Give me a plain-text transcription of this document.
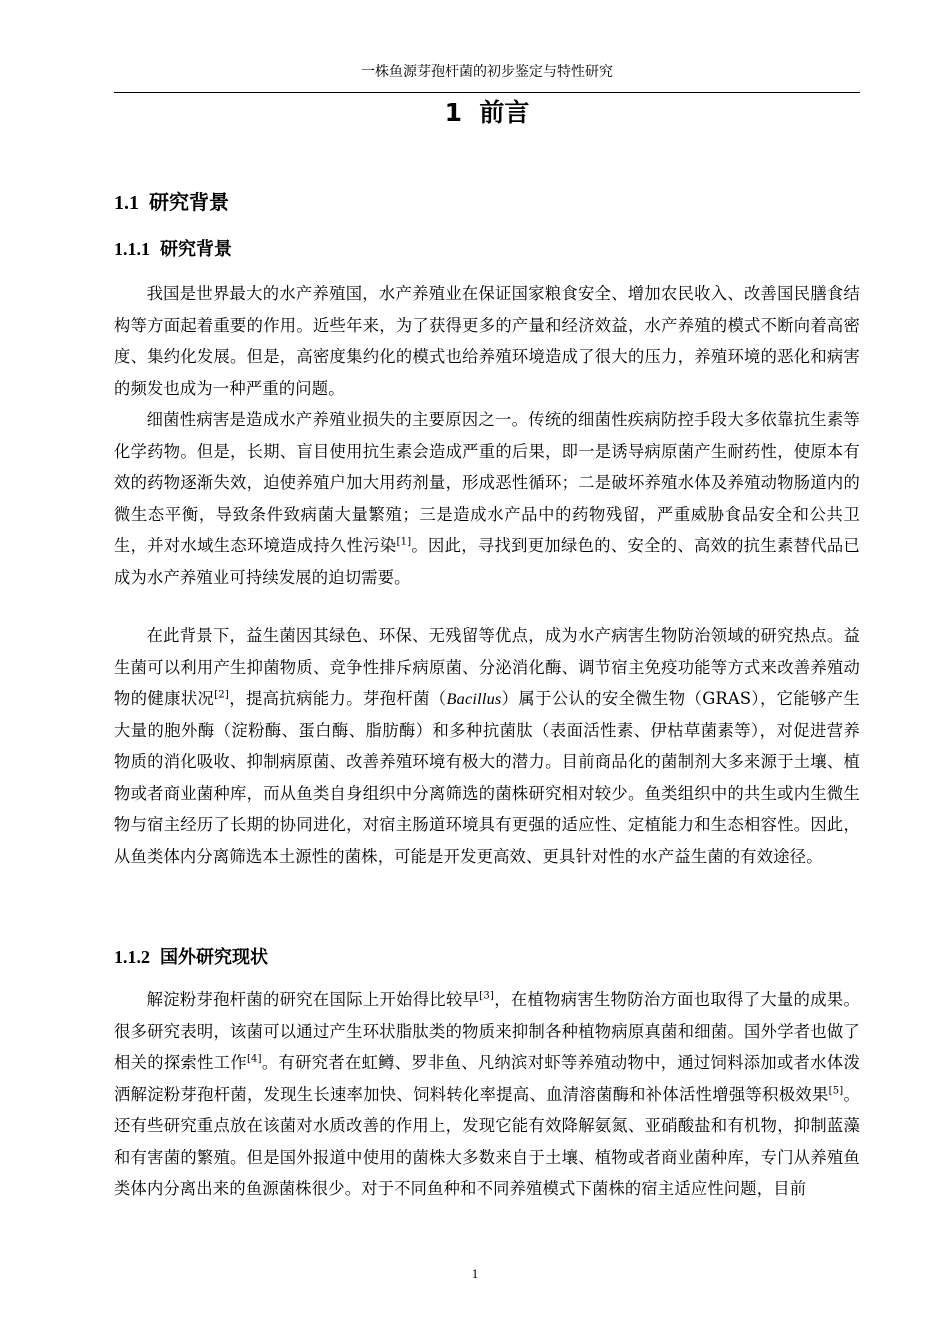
一株鱼源芽孢杆菌的初步鉴定与特性研究
1 前言
1.1 研究背景
1.1.1 研究背景

我国是世界最大的水产养殖国，水产养殖业在保证国家粮食安全、增加农民收入、改善国民膳食结构等方面起着重要的作用。近些年来，为了获得更多的产量和经济效益，水产养殖的模式不断向着高密度、集约化发展。但是，高密度集约化的模式也给养殖环境造成了很大的压力，养殖环境的恶化和病害的频发也成为一种严重的问题。

细菌性病害是造成水产养殖业损失的主要原因之一。传统的细菌性疾病防控手段大多依靠抗生素等化学药物。但是，长期、盲目使用抗生素会造成严重的后果，即一是诱导病原菌产生耐药性，使原本有效的药物逐渐失效，迫使养殖户加大用药剂量，形成恶性循环；二是破坏养殖水体及养殖动物肠道内的微生态平衡，导致条件致病菌大量繁殖；三是造成水产品中的药物残留，严重威胁食品安全和公共卫生，并对水域生态环境造成持久性污染[1]。因此，寻找到更加绿色的、安全的、高效的抗生素替代品已成为水产养殖业可持续发展的迫切需要。

在此背景下，益生菌因其绿色、环保、无残留等优点，成为水产病害生物防治领域的研究热点。益生菌可以利用产生抑菌物质、竞争性排斥病原菌、分泌消化酶、调节宿主免疫功能等方式来改善养殖动物的健康状况[2]，提高抗病能力。芽孢杆菌（Bacillus）属于公认的安全微生物（GRAS），它能够产生大量的胞外酶（淀粉酶、蛋白酶、脂肪酶）和多种抗菌肽（表面活性素、伊枯草菌素等），对促进营养物质的消化吸收、抑制病原菌、改善养殖环境有极大的潜力。目前商品化的菌制剂大多来源于土壤、植物或者商业菌种库，而从鱼类自身组织中分离筛选的菌株研究相对较少。鱼类组织中的共生或内生微生物与宿主经历了长期的协同进化，对宿主肠道环境具有更强的适应性、定植能力和生态相容性。因此，从鱼类体内分离筛选本土源性的菌株，可能是开发更高效、更具针对性的水产益生菌的有效途径。

1.1.2 国外研究现状

解淀粉芽孢杆菌的研究在国际上开始得比较早[3]，在植物病害生物防治方面也取得了大量的成果。很多研究表明，该菌可以通过产生环状脂肽类的物质来抑制各种植物病原真菌和细菌。国外学者也做了相关的探索性工作[4]。有研究者在虹鳟、罗非鱼、凡纳滨对虾等养殖动物中，通过饲料添加或者水体泼洒解淀粉芽孢杆菌，发现生长速率加快、饲料转化率提高、血清溶菌酶和补体活性增强等积极效果[5]。还有些研究重点放在该菌对水质改善的作用上，发现它能有效降解氨氮、亚硝酸盐和有机物，抑制蓝藻和有害菌的繁殖。但是国外报道中使用的菌株大多数来自于土壤、植物或者商业菌种库，专门从养殖鱼类体内分离出来的鱼源菌株很少。对于不同鱼种和不同养殖模式下菌株的宿主适应性问题，目前

1
